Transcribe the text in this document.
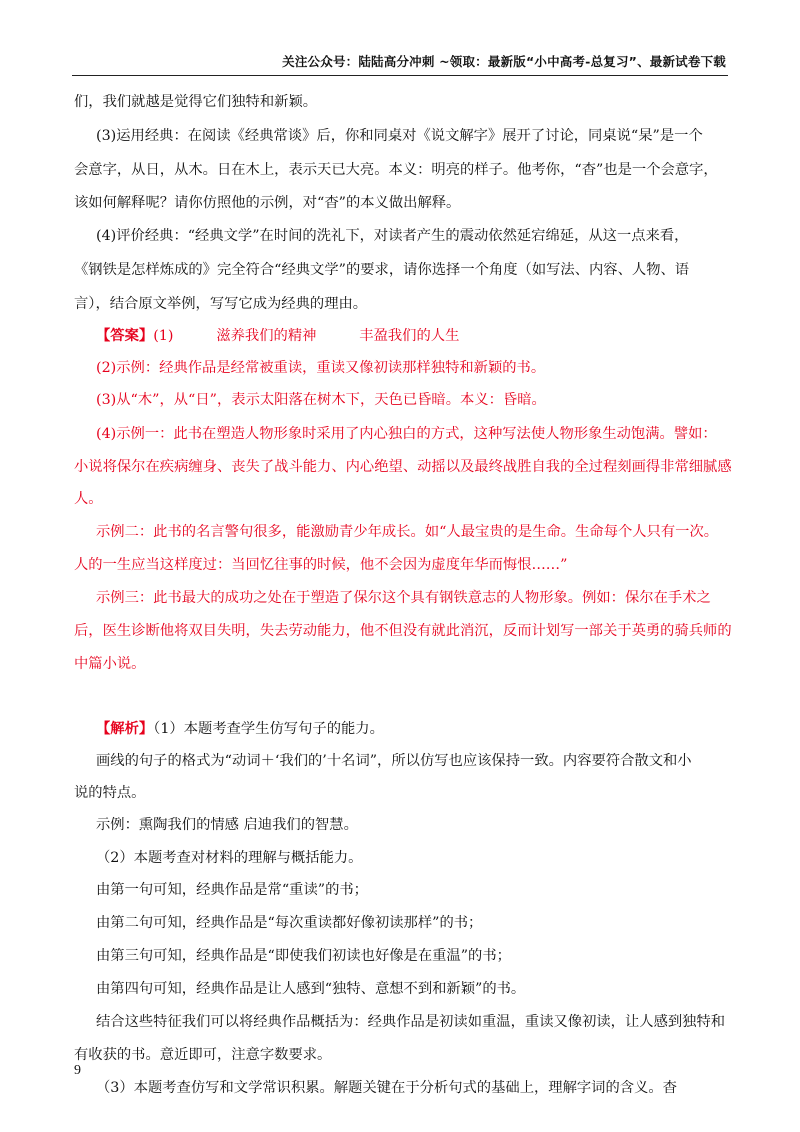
关注公众号：陆陆高分冲刺 ~领取：最新版“小中高考-总复习”、最新试卷下载
们，我们就越是觉得它们独特和新颖。
(3)运用经典：在阅读《经典常谈》后，你和同桌对《说文解字》展开了讨论，同桌说“杲”是一个
会意字，从日，从木。日在木上，表示天已大亮。本义：明亮的样子。他考你，“杳”也是一个会意字，
该如何解释呢？请你仿照他的示例，对“杳”的本义做出解释。
(4)评价经典：“经典文学”在时间的洗礼下，对读者产生的震动依然延宕绵延，从这一点来看，
《钢铁是怎样炼成的》完全符合“经典文学”的要求，请你选择一个角度（如写法、内容、人物、语
言），结合原文举例，写写它成为经典的理由。
【答案】(1)　　　滋养我们的精神　　　丰盈我们的人生
(2)示例：经典作品是经常被重读，重读又像初读那样独特和新颖的书。
(3)从“木”，从“日”，表示太阳落在树木下，天色已昏暗。本义：昏暗。
(4)示例一：此书在塑造人物形象时采用了内心独白的方式，这种写法使人物形象生动饱满。譬如：
小说将保尔在疾病缠身、丧失了战斗能力、内心绝望、动摇以及最终战胜自我的全过程刻画得非常细腻感
人。
示例二：此书的名言警句很多，能激励青少年成长。如“人最宝贵的是生命。生命每个人只有一次。
人的一生应当这样度过：当回忆往事的时候，他不会因为虚度年华而悔恨……”
示例三：此书最大的成功之处在于塑造了保尔这个具有钢铁意志的人物形象。例如：保尔在手术之
后，医生诊断他将双目失明，失去劳动能力，他不但没有就此消沉，反而计划写一部关于英勇的骑兵师的
中篇小说。
【解析】（1）本题考查学生仿写句子的能力。
画线的句子的格式为“动词＋‘我们的’十名词”，所以仿写也应该保持一致。内容要符合散文和小
说的特点。
示例：熏陶我们的情感 启迪我们的智慧。
（2）本题考查对材料的理解与概括能力。
由第一句可知，经典作品是常“重读”的书；
由第二句可知，经典作品是“每次重读都好像初读那样”的书；
由第三句可知，经典作品是“即使我们初读也好像是在重温”的书；
由第四句可知，经典作品是让人感到“独特、意想不到和新颖”的书。
结合这些特征我们可以将经典作品概括为：经典作品是初读如重温，重读又像初读，让人感到独特和
有收获的书。意近即可，注意字数要求。
（3）本题考查仿写和文学常识积累。解题关键在于分析句式的基础上，理解字词的含义。杳
9
